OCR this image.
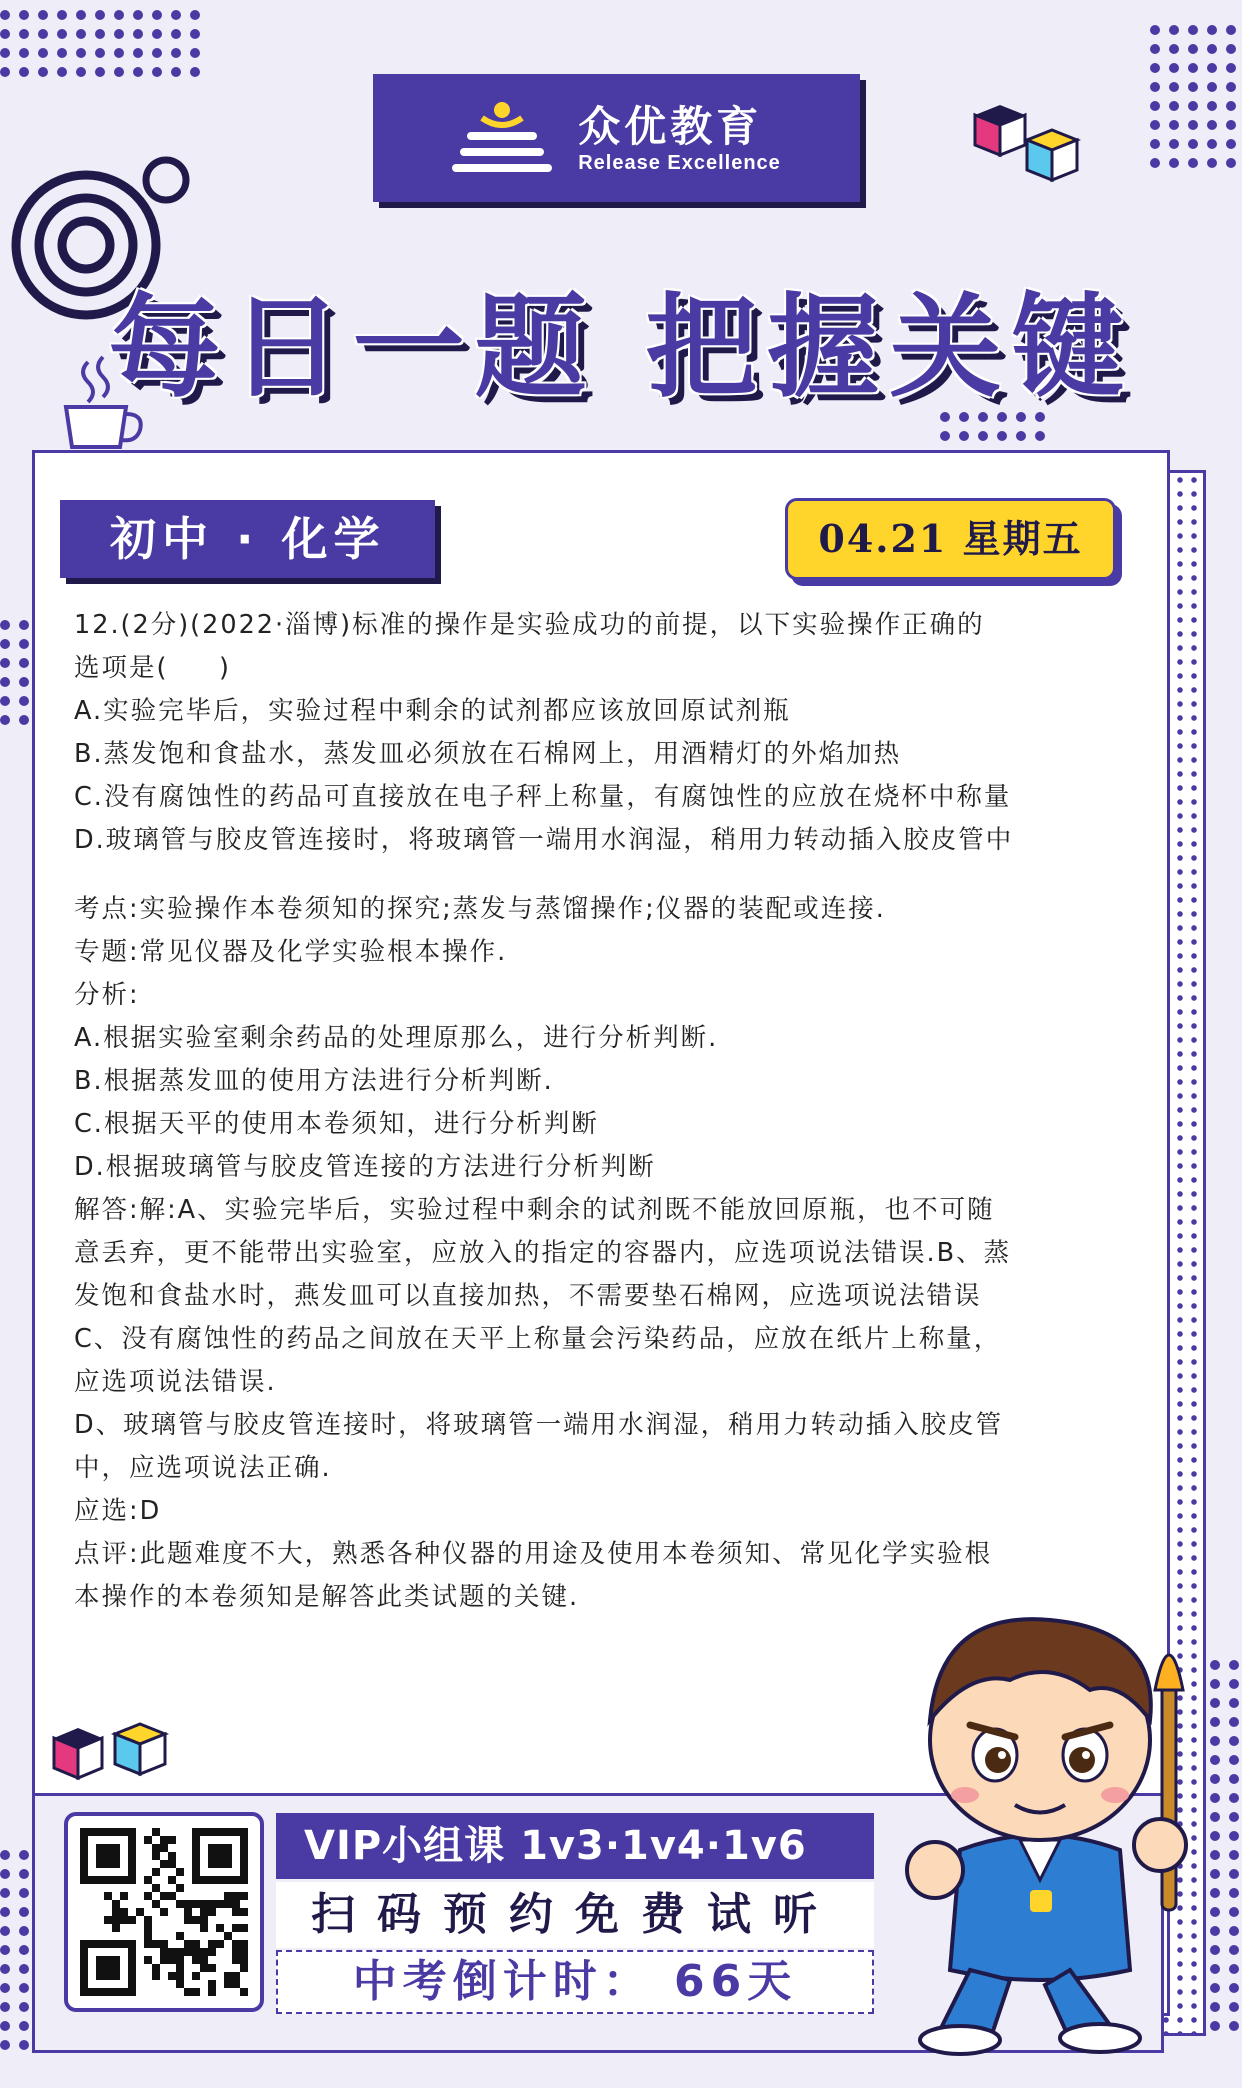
众优教育
Release Excellence
每日一题 把握关键
初中 · 化学	04.21 星期五

12.(2分)(2022·淄博)标准的操作是实验成功的前提，以下实验操作正确的

选项是(     )

A.实验完毕后，实验过程中剩余的试剂都应该放回原试剂瓶

B.蒸发饱和食盐水，蒸发皿必须放在石棉网上，用酒精灯的外焰加热

C.没有腐蚀性的药品可直接放在电子秤上称量，有腐蚀性的应放在烧杯中称量

D.玻璃管与胶皮管连接时，将玻璃管一端用水润湿，稍用力转动插入胶皮管中

考点:实验操作本卷须知的探究;蒸发与蒸馏操作;仪器的装配或连接.

专题:常见仪器及化学实验根本操作.

分析:

A.根据实验室剩余药品的处理原那么，进行分析判断.

B.根据蒸发皿的使用方法进行分析判断.

C.根据天平的使用本卷须知，进行分析判断

D.根据玻璃管与胶皮管连接的方法进行分析判断

解答:解:A、实验完毕后，实验过程中剩余的试剂既不能放回原瓶，也不可随

意丢弃，更不能带出实验室，应放入的指定的容器内，应选项说法错误.B、蒸

发饱和食盐水时，燕发皿可以直接加热，不需要垫石棉网，应选项说法错误

C、没有腐蚀性的药品之间放在天平上称量会污染药品，应放在纸片上称量，

应选项说法错误.

D、玻璃管与胶皮管连接时，将玻璃管一端用水润湿，稍用力转动插入胶皮管

中，应选项说法正确.

应选:D

点评:此题难度不大，熟悉各种仪器的用途及使用本卷须知、常见化学实验根

本操作的本卷须知是解答此类试题的关键.

VIP小组课 1v3·1v4·1v6
扫码预约免费试听
中考倒计时： 66天
